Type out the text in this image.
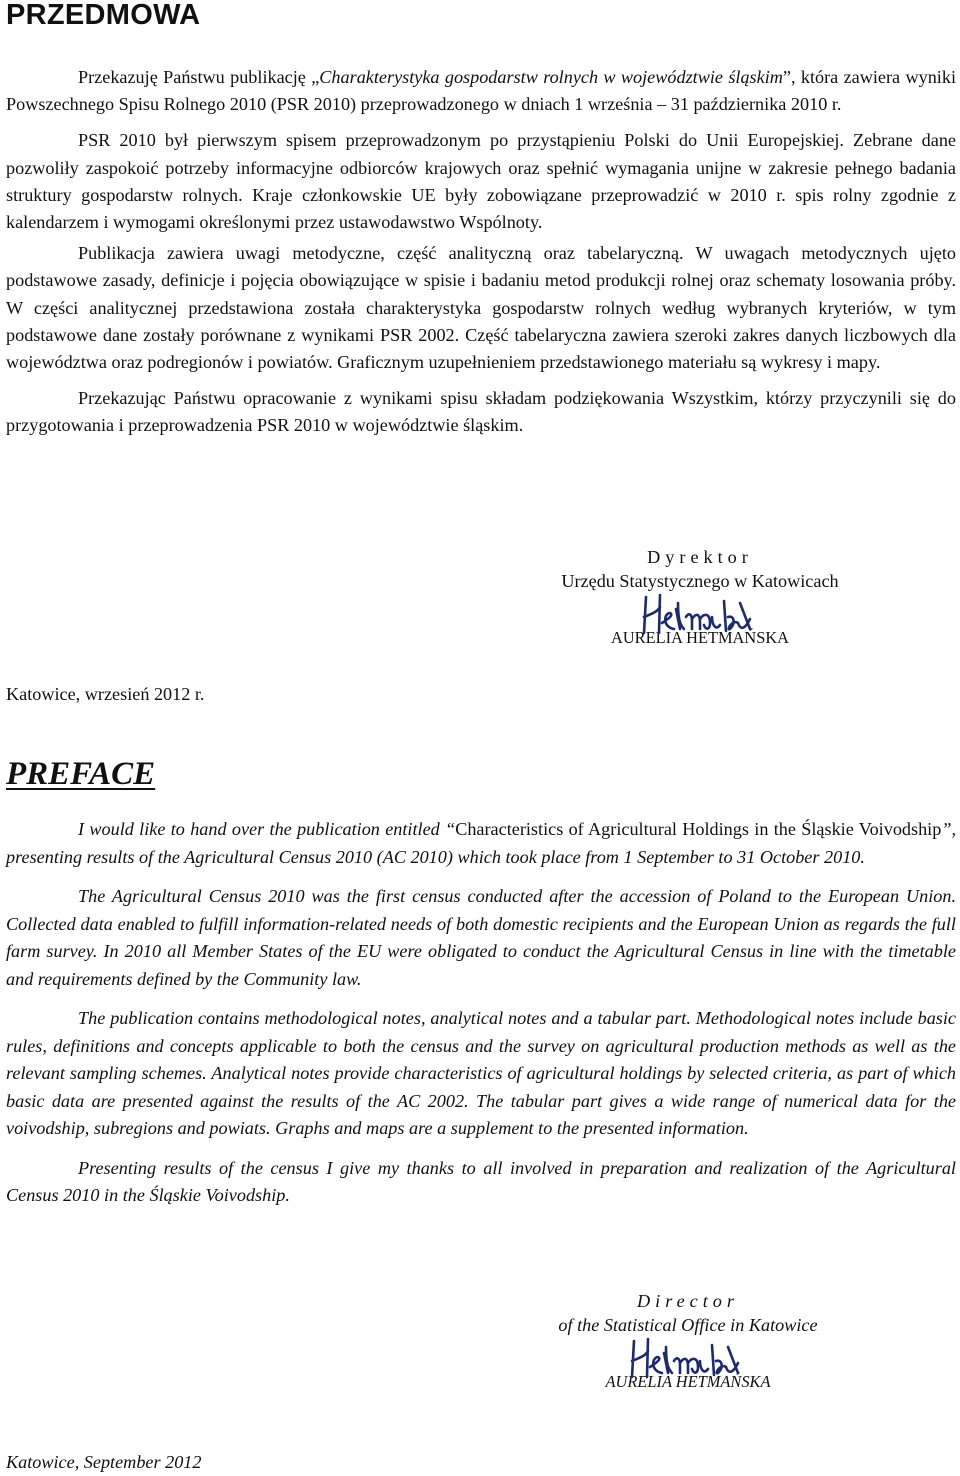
PRZEDMOWA

Przekazuję Państwu publikację „Charakterystyka gospodarstw rolnych w województwie śląskim”, która zawiera wyniki Powszechnego Spisu Rolnego 2010 (PSR 2010) przeprowadzonego w dniach 1 września – 31 października 2010 r.

PSR 2010 był pierwszym spisem przeprowadzonym po przystąpieniu Polski do Unii Europejskiej. Zebrane dane pozwoliły zaspokoić potrzeby informacyjne odbiorców krajowych oraz spełnić wymagania unijne w zakresie pełnego badania struktury gospodarstw rolnych. Kraje członkowskie UE były zobowiązane przeprowadzić w 2010 r. spis rolny zgodnie z kalendarzem i wymogami określonymi przez ustawodawstwo Wspólnoty.

Publikacja zawiera uwagi metodyczne, część analityczną oraz tabelaryczną. W uwagach metodycznych ujęto podstawowe zasady, definicje i pojęcia obowiązujące w spisie i badaniu metod produkcji rolnej oraz schematy losowania próby. W części analitycznej przedstawiona została charakterystyka gospodarstw rolnych według wybranych kryteriów, w tym podstawowe dane zostały porównane z wynikami PSR 2002. Część tabelaryczna zawiera szeroki zakres danych liczbowych dla województwa oraz podregionów i powiatów. Graficznym uzupełnieniem przedstawionego materiału są wykresy i mapy.

Przekazując Państwu opracowanie z wynikami spisu składam podziękowania Wszystkim, którzy przyczynili się do przygotowania i przeprowadzenia PSR 2010 w województwie śląskim.

Dyrektor
Urzędu Statystycznego w Katowicach
AURELIA HETMAŃSKA
Katowice, wrzesień 2012 r.
PREFACE

I would like to hand over the publication entitled “Characteristics of Agricultural Holdings in the Śląskie Voivodship”, presenting results of the Agricultural Census 2010 (AC 2010) which took place from 1 September to 31 October 2010.

The Agricultural Census 2010 was the first census conducted after the accession of Poland to the European Union. Collected data enabled to fulfill information-related needs of both domestic recipients and the European Union as regards the full farm survey. In 2010 all Member States of the EU were obligated to conduct the Agricultural Census in line with the timetable and requirements defined by the Community law.

The publication contains methodological notes, analytical notes and a tabular part. Methodological notes include basic rules, definitions and concepts applicable to both the census and the survey on agricultural production methods as well as the relevant sampling schemes. Analytical notes provide characteristics of agricultural holdings by selected criteria, as part of which basic data are presented against the results of the AC 2002. The tabular part gives a wide range of numerical data for the voivodship, subregions and powiats. Graphs and maps are a supplement to the presented information.

Presenting results of the census I give my thanks to all involved in preparation and realization of the Agricultural Census 2010 in the Śląskie Voivodship.

Director
of the Statistical Office in Katowice
AURELIA HETMAŃSKA
Katowice, September 2012
